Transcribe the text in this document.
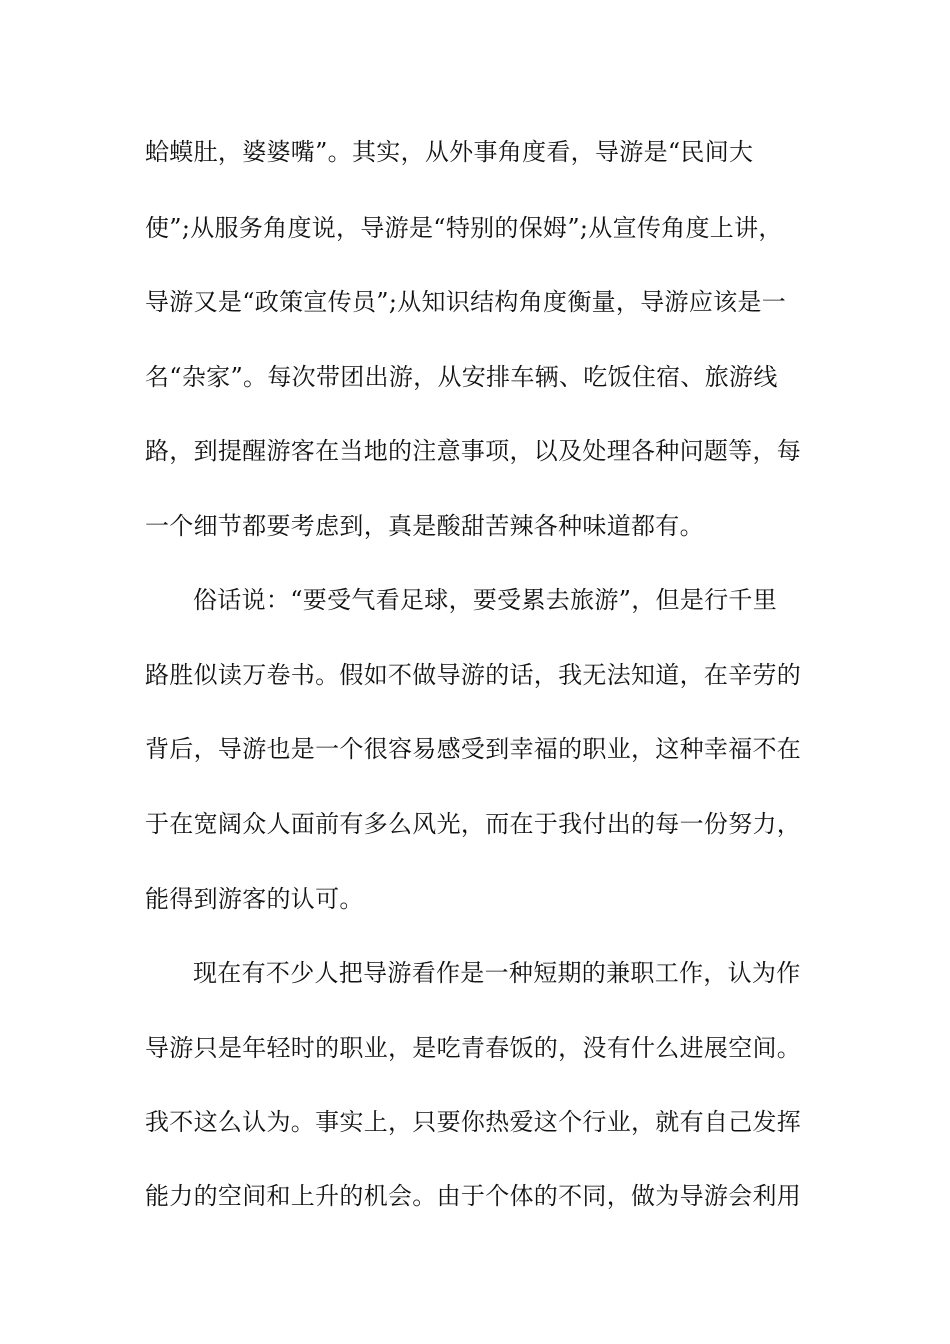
蛤蟆肚，婆婆嘴”。其实，从外事角度看，导游是“民间大
使”;从服务角度说，导游是“特别的保姆”;从宣传角度上讲，
导游又是“政策宣传员”;从知识结构角度衡量，导游应该是一
名“杂家”。每次带团出游，从安排车辆、吃饭住宿、旅游线
路，到提醒游客在当地的注意事项，以及处理各种问题等，每
一个细节都要考虑到，真是酸甜苦辣各种味道都有。
俗话说：“要受气看足球，要受累去旅游”，但是行千里
路胜似读万卷书。假如不做导游的话，我无法知道，在辛劳的
背后，导游也是一个很容易感受到幸福的职业，这种幸福不在
于在宽阔众人面前有多么风光，而在于我付出的每一份努力，
能得到游客的认可。
现在有不少人把导游看作是一种短期的兼职工作，认为作
导游只是年轻时的职业，是吃青春饭的，没有什么进展空间。
我不这么认为。事实上，只要你热爱这个行业，就有自己发挥
能力的空间和上升的机会。由于个体的不同，做为导游会利用
